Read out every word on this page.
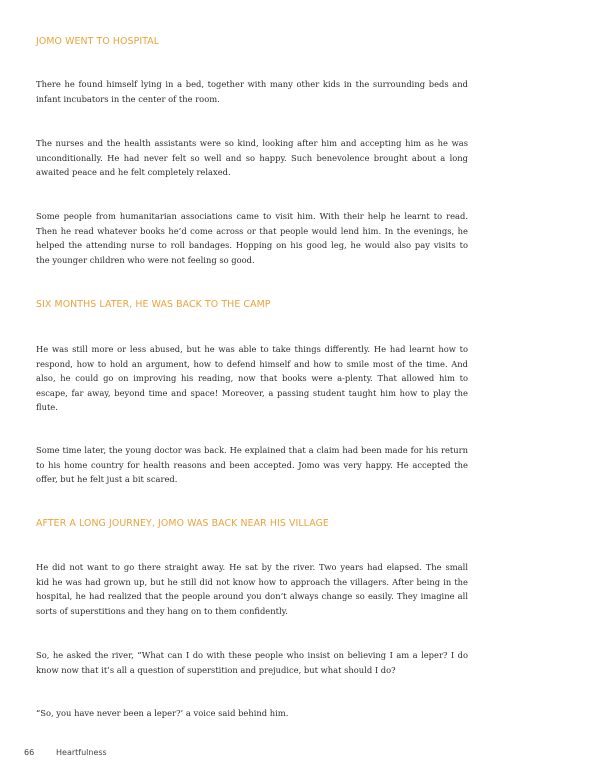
JOMO WENT TO HOSPITAL
There he found himself lying in a bed, together with many other kids in the surrounding beds and
infant incubators in the center of the room.
The nurses and the health assistants were so kind, looking after him and accepting him as he was
unconditionally. He had never felt so well and so happy. Such benevolence brought about a long
awaited peace and he felt completely relaxed.
Some people from humanitarian associations came to visit him. With their help he learnt to read.
Then he read whatever books he’d come across or that people would lend him. In the evenings, he
helped the attending nurse to roll bandages. Hopping on his good leg, he would also pay visits to
the younger children who were not feeling so good.
SIX MONTHS LATER, HE WAS BACK TO THE CAMP
He was still more or less abused, but he was able to take things differently. He had learnt how to
respond, how to hold an argument, how to defend himself and how to smile most of the time. And
also, he could go on improving his reading, now that books were a-plenty. That allowed him to
escape, far away, beyond time and space! Moreover, a passing student taught him how to play the
flute.
Some time later, the young doctor was back. He explained that a claim had been made for his return
to his home country for health reasons and been accepted. Jomo was very happy. He accepted the
offer, but he felt just a bit scared.
AFTER A LONG JOURNEY, JOMO WAS BACK NEAR HIS VILLAGE
He did not want to go there straight away. He sat by the river. Two years had elapsed. The small
kid he was had grown up, but he still did not know how to approach the villagers. After being in the
hospital, he had realized that the people around you don’t always change so easily. They imagine all
sorts of superstitions and they hang on to them confidently.
So, he asked the river, “What can I do with these people who insist on believing I am a leper? I do
know now that it’s all a question of superstition and prejudice, but what should I do?
“So, you have never been a leper?’ a voice said behind him.
66	Heartfulness
